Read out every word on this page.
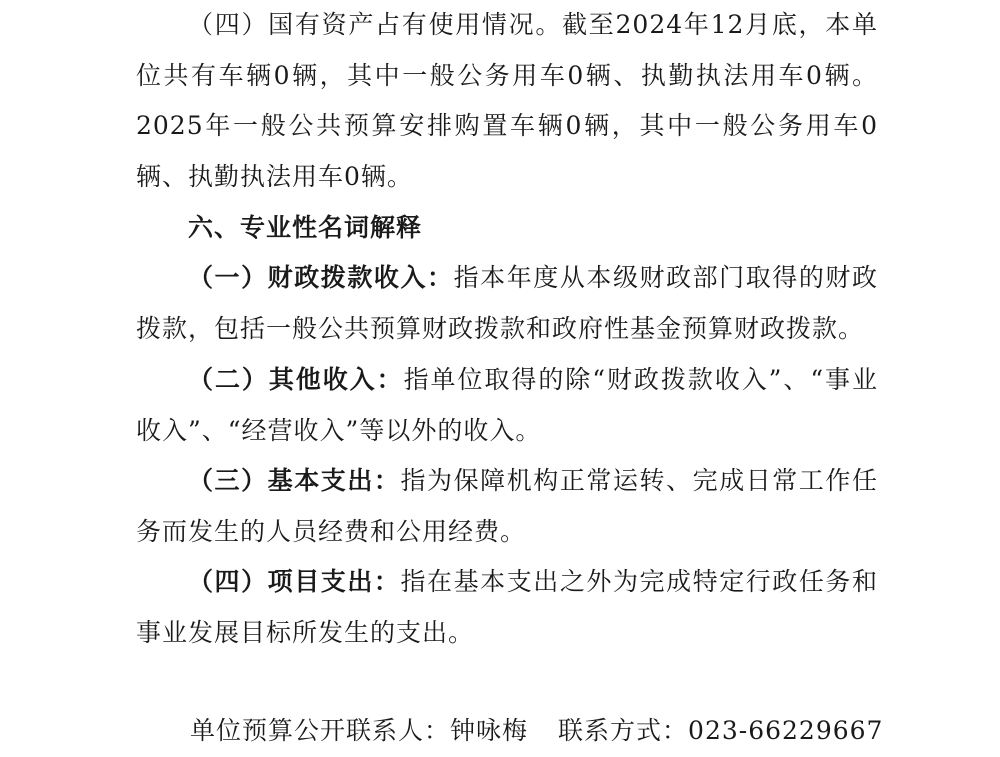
（四）国有资产占有使用情况。截至2024年12月底，本单位共有车辆0辆，其中一般公务用车0辆、执勤执法用车0辆。2025年一般公共预算安排购置车辆0辆，其中一般公务用车0辆、执勤执法用车0辆。

六、专业性名词解释

（一）财政拨款收入：指本年度从本级财政部门取得的财政拨款，包括一般公共预算财政拨款和政府性基金预算财政拨款。

（二）其他收入：指单位取得的除“财政拨款收入”、“事业收入”、“经营收入”等以外的收入。

（三）基本支出：指为保障机构正常运转、完成日常工作任务而发生的人员经费和公用经费。

（四）项目支出：指在基本支出之外为完成特定行政任务和事业发展目标所发生的支出。

单位预算公开联系人：钟咏梅 联系方式：023-66229667
